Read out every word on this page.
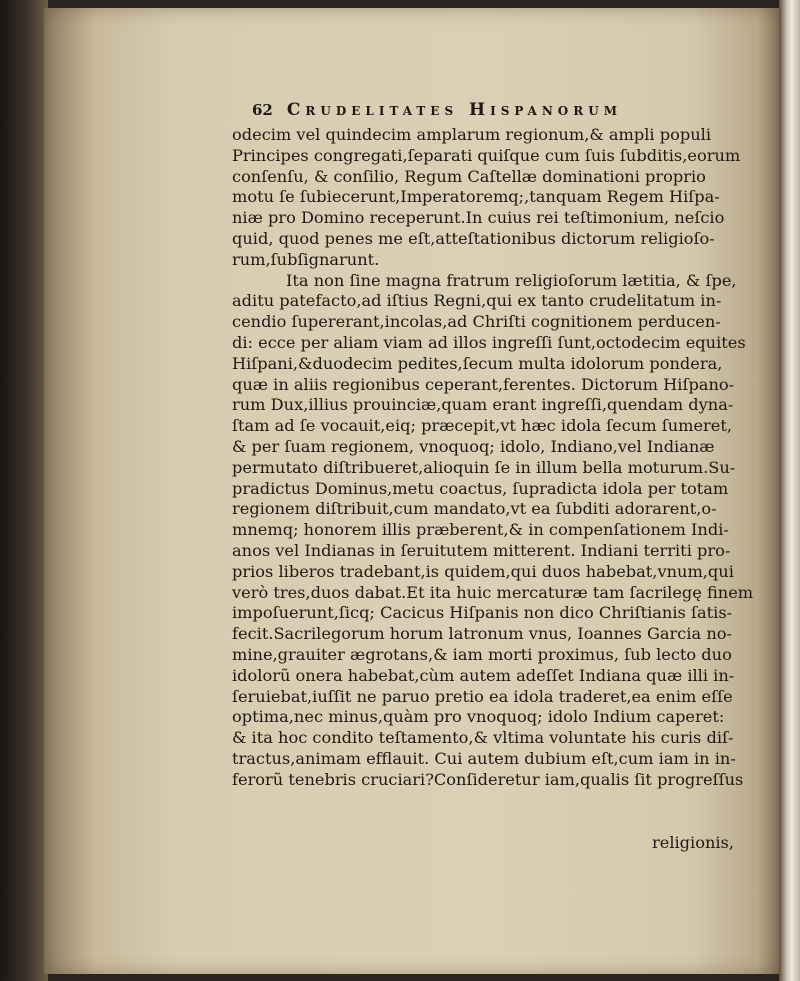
62 Crudelitates Hispanorum
odecim vel quindecim amplarum regionum,& ampli populi
Principes congregati,ſeparati quiſque cum ſuis ſubditis,eorum
conſenſu, & conſilio, Regum Caſtellæ dominationi proprio
motu ſe ſubiecerunt,Imperatoremq;,tanquam Regem Hiſpa-
niæ pro Domino receperunt.In cuius rei teſtimonium, neſcio
quid, quod penes me eſt,atteſtationibus dictorum religioſo-
rum,ſubſignarunt.
Ita non ſine magna fratrum religioſorum lætitia, & ſpe,
aditu patefacto,ad iſtius Regni,qui ex tanto crudelitatum in-
cendio ſupererant,incolas,ad Chriſti cognitionem perducen-
di: ecce per aliam viam ad illos ingreſſi ſunt,octodecim equites
Hiſpani,&duodecim pedites,ſecum multa idolorum pondera,
quæ in aliis regionibus ceperant,ferentes. Dictorum Hiſpano-
rum Dux,illius prouinciæ,quam erant ingreſſi,quendam dyna-
ſtam ad ſe vocauit,eiq; præcepit,vt hæc idola ſecum ſumeret,
& per ſuam regionem, vnoquoq; idolo, Indiano,vel Indianæ
permutato diſtribueret,alioquin ſe in illum bella moturum.Su-
pradictus Dominus,metu coactus, ſupradicta idola per totam
regionem diſtribuit,cum mandato,vt ea ſubditi adorarent,o-
mnemq; honorem illis præberent,& in compenſationem Indi-
anos vel Indianas in ſeruitutem mitterent. Indiani territi pro-
prios liberos tradebant,is quidem,qui duos habebat,vnum,qui
verò tres,duos dabat.Et ita huic mercaturæ tam ſacrilegę finem
impoſuerunt,ſicq; Cacicus Hiſpanis non dico Chriſtianis ſatis-
fecit.Sacrilegorum horum latronum vnus, Ioannes Garcia no-
mine,grauiter ægrotans,& iam morti proximus, ſub lecto duo
idolorũ onera habebat,cùm autem adeſſet Indiana quæ illi in-
ſeruiebat,iuſſit ne paruo pretio ea idola traderet,ea enim eſſe
optima,nec minus,quàm pro vnoquoq; idolo Indium caperet:
& ita hoc condito teſtamento,& vltima voluntate his curis diſ-
tractus,animam efflauit. Cui autem dubium eſt,cum iam in in-
ferorũ tenebris cruciari?Conſideretur iam,qualis ſit progreſſus
religionis,
